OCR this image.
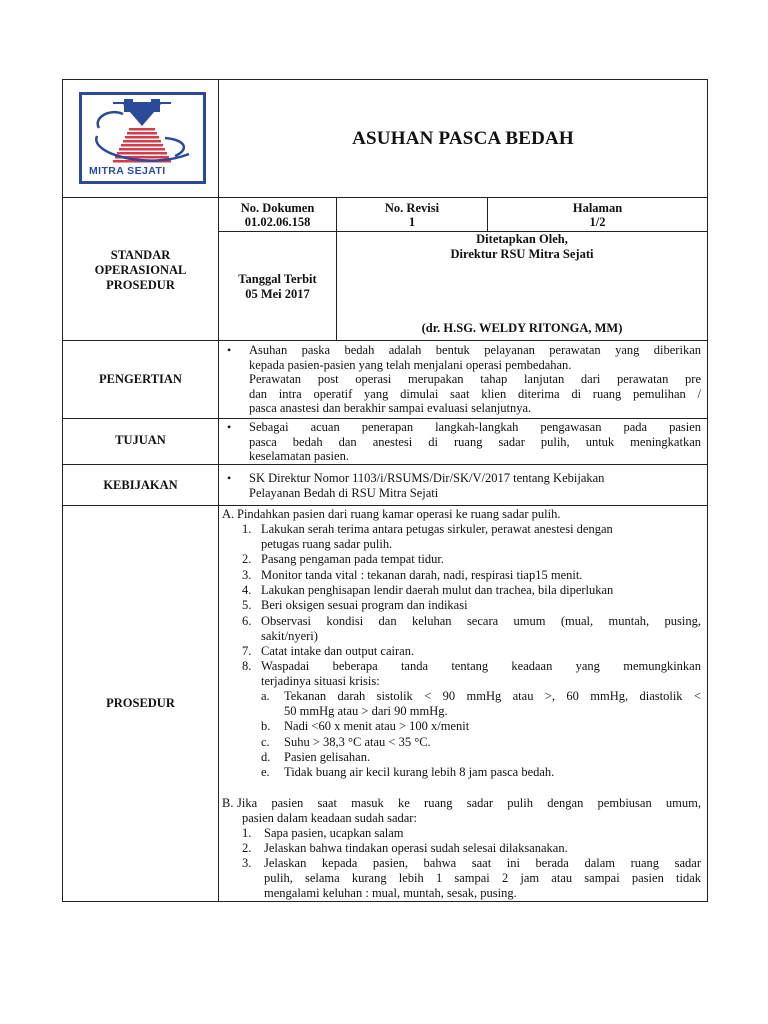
MITRA SEJATI
ASUHAN PASCA BEDAH
No. Dokumen
01.02.06.158
No. Revisi
1
Halaman
1/2
STANDAR
OPERASIONAL
PROSEDUR	Tanggal Terbit
05 Mei 2017
Ditetapkan Oleh,
Direktur RSU Mitra Sejati
(dr. H.SG. WELDY RITONGA, MM)
PENGERTIAN
• Asuhan paska bedah adalah bentuk pelayanan perawatan yang diberikan
kepada pasien-pasien yang telah menjalani operasi pembedahan.
Perawatan post operasi merupakan tahap lanjutan dari perawatan pre
dan intra operatif yang dimulai saat klien diterima di ruang pemulihan /
pasca anastesi dan berakhir sampai evaluasi selanjutnya.
TUJUAN
• Sebagai acuan penerapan langkah-langkah pengawasan pada pasien
pasca bedah dan anestesi di ruang sadar pulih, untuk meningkatkan
keselamatan pasien.
KEBIJAKAN	• SK Direktur Nomor 1103/i/RSUMS/Dir/SK/V/2017 tentang Kebijakan
Pelayanan Bedah di RSU Mitra Sejati
PROSEDUR
A. Pindahkan pasien dari ruang kamar operasi ke ruang sadar pulih.
1. Lakukan serah terima antara petugas sirkuler, perawat anestesi dengan
petugas ruang sadar pulih.
2. Pasang pengaman pada tempat tidur.
3. Monitor tanda vital : tekanan darah, nadi, respirasi tiap15 menit.
4. Lakukan penghisapan lendir daerah mulut dan trachea, bila diperlukan
5. Beri oksigen sesuai program dan indikasi
6. Observasi kondisi dan keluhan secara umum (mual, muntah, pusing,
sakit/nyeri)
7. Catat intake dan output cairan.
8. Waspadai beberapa tanda tentang keadaan yang memungkinkan
terjadinya situasi krisis:
a. Tekanan darah sistolik < 90 mmHg atau >, 60 mmHg, diastolik <
50 mmHg atau > dari 90 mmHg.
b. Nadi <60 x menit atau > 100 x/menit
c. Suhu > 38,3 °C atau < 35 °C.
d. Pasien gelisahan.
e. Tidak buang air kecil kurang lebih 8 jam pasca bedah.
B. Jika pasien saat masuk ke ruang sadar pulih dengan pembiusan umum,
pasien dalam keadaan sudah sadar:
1. Sapa pasien, ucapkan salam
2. Jelaskan bahwa tindakan operasi sudah selesai dilaksanakan.
3. Jelaskan kepada pasien, bahwa saat ini berada dalam ruang sadar
pulih, selama kurang lebih 1 sampai 2 jam atau sampai pasien tidak
mengalami keluhan : mual, muntah, sesak, pusing.
